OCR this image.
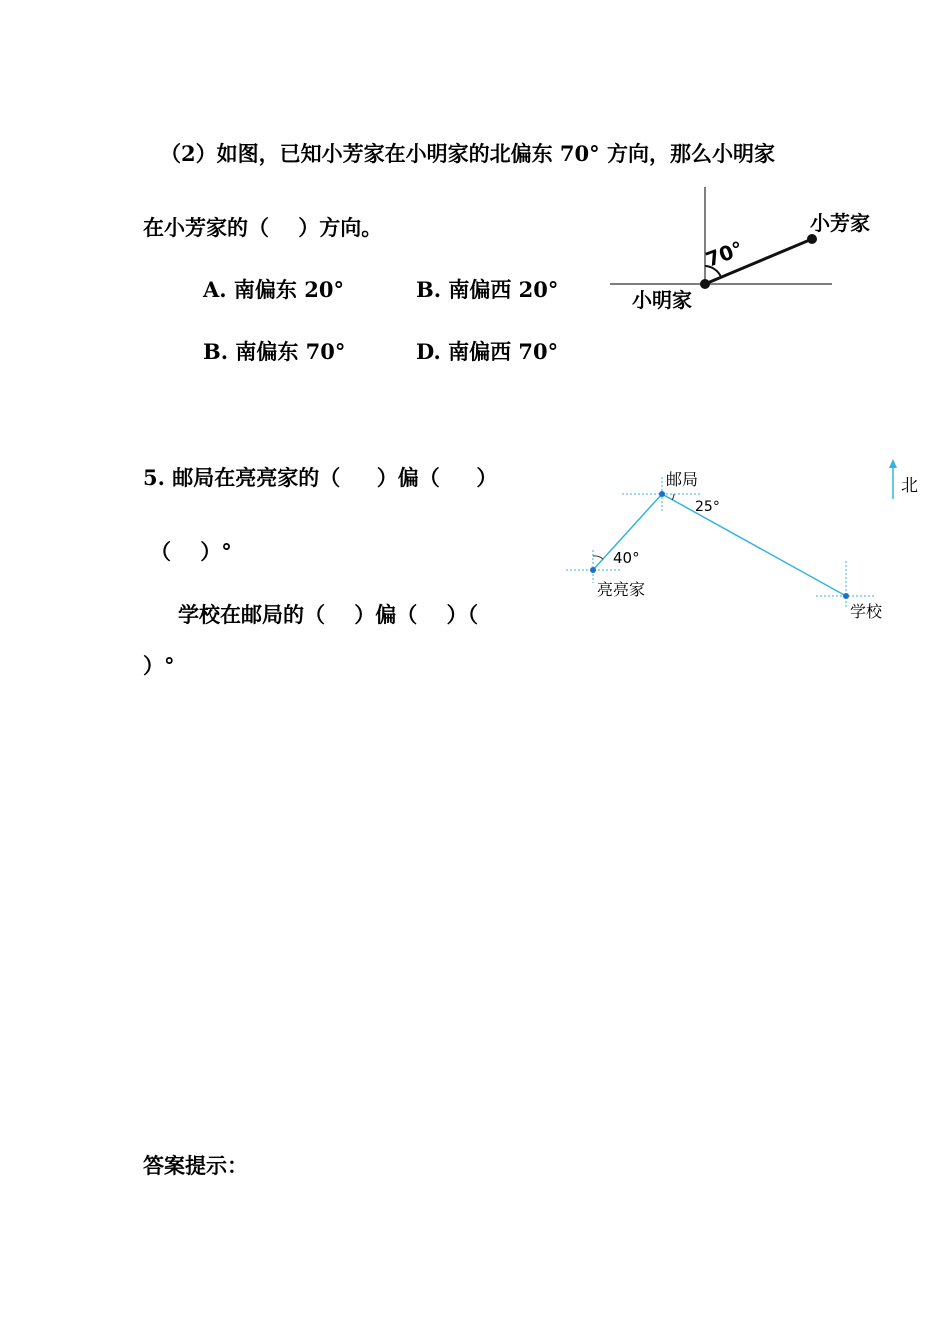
（2）如图，已知小芳家在小明家的北偏东 70° 方向，那么小明家
在小芳家的（    ）方向。
A. 南偏东 20°	B. 南偏西 20°
B. 南偏东 70°	D. 南偏西 70°
70°
小芳家
小明家
5. 邮局在亮亮家的（     ）偏（     ）
（    ）°
学校在邮局的（    ）偏（    ）（
）°
北
邮局
25°
40°
亮亮家
学校
答案提示：
